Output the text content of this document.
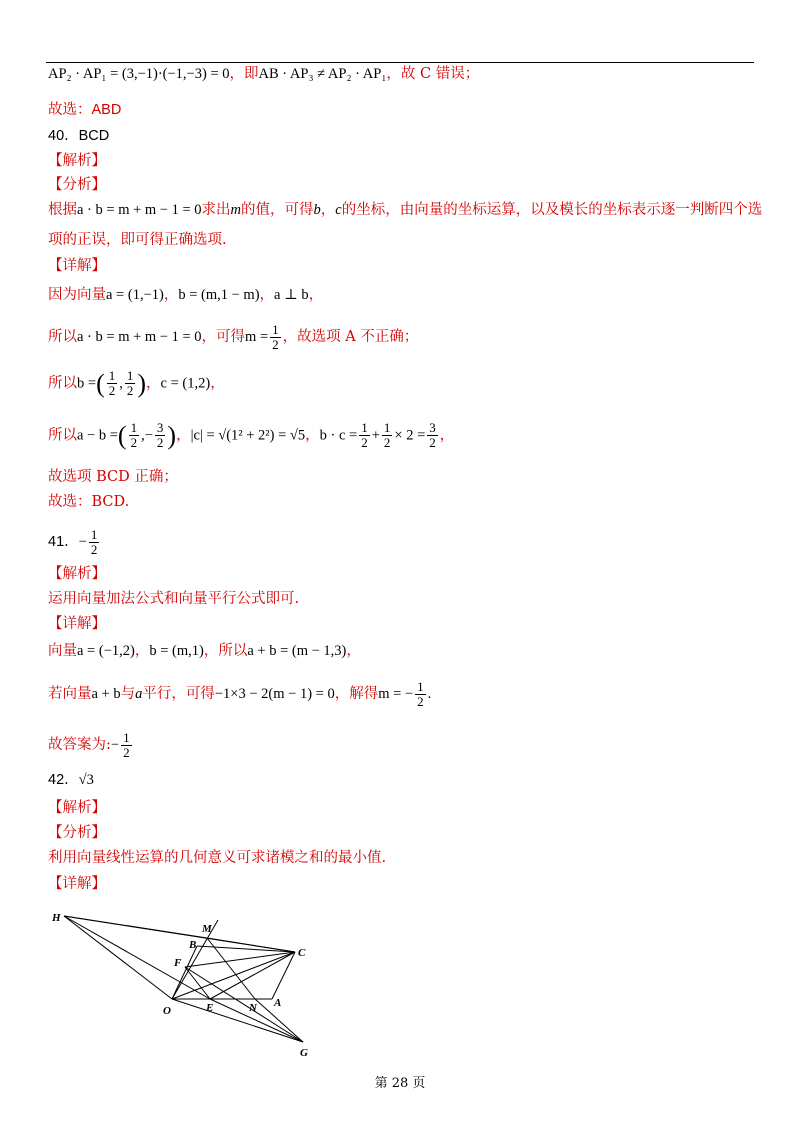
AP₂ · AP₁ = (3,−1)·(−1,−3) = 0，即AB · AP₃ ≠ AP₂ · AP₁，故 C 错误；
故选：ABD
40．BCD
【解析】
【分析】
根据a · b = m + m − 1 = 0求出m的值，可得b，c的坐标，由向量的坐标运算，以及模长的坐标表示逐一判断四个选
项的正误，即可得正确选项.
【详解】
因为向量a = (1,−1)，b = (m,1 − m)，a ⊥ b，
所以a · b = m + m − 1 = 0，可得$m = \frac{1}{2}$ ，故选项 A 不正确；
所以b =( $\frac{1}{2}$ , $\frac{1}{2}$ )，c = (1,2)，
所以a − b =( $\frac{1}{2}$ ,− $\frac{3}{2}$ )，|c| = √(1² + 2²) = √5，$b \cdot c = \frac{1}{2} + \frac{1}{2} \times 2 = \frac{3}{2}$ ，
故选项 BCD 正确；
故选：BCD.
41．− $\frac{1}{2}$
【解析】
运用向量加法公式和向量平行公式即可.
【详解】
向量a = (−1,2)，b = (m,1)，所以a + b = (m − 1,3)，
若向量a + b与a平行，可得−1×3 − 2(m − 1) = 0，解得m = − $\frac{1}{2}$ .
故答案为:− $\frac{1}{2}$
42．√3
【解析】
【分析】
利用向量线性运算的几何意义可求诸模之和的最小值.
【详解】
H
M
B
C
F
O	E	N A
G
第 28 页
